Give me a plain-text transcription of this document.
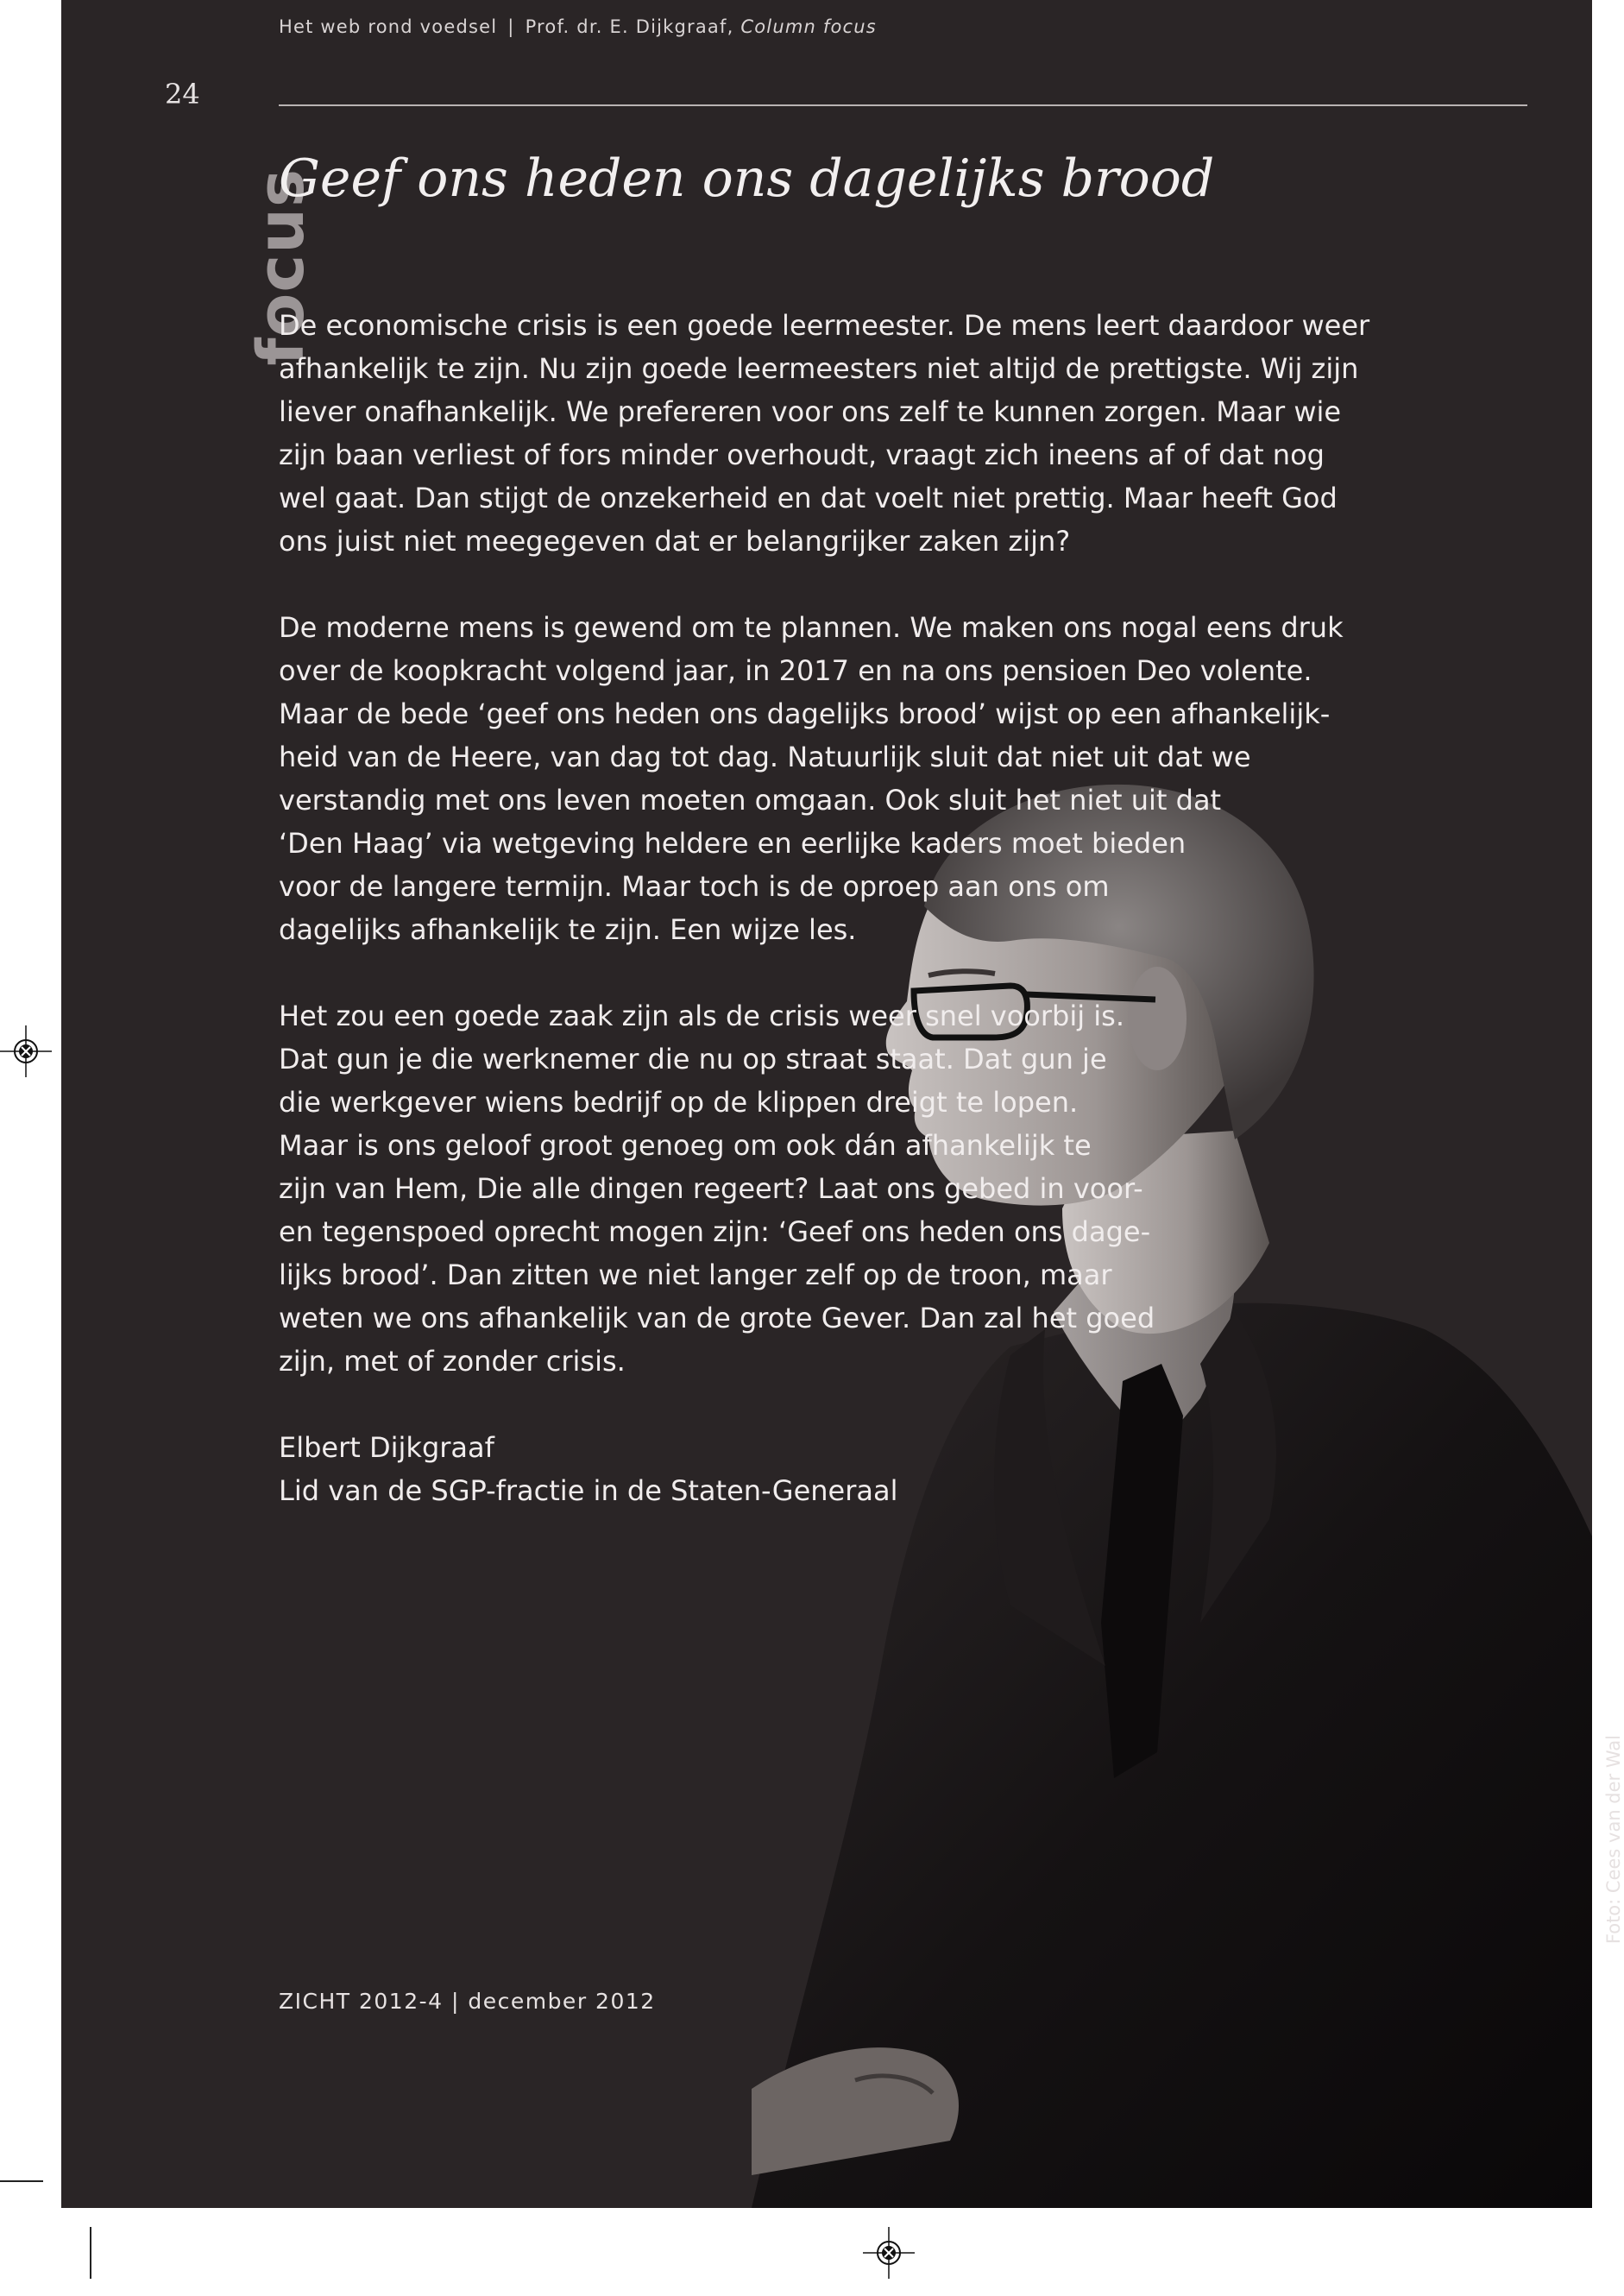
Het web rond voedsel | Prof. dr. E. Dijkgraaf, Column focus
24
focus
Geef ons heden ons dagelijks brood

De economische crisis is een goede leermeester. De mens leert daardoor weer
afhankelijk te zijn. Nu zijn goede leermeesters niet altijd de prettigste. Wij zijn
liever onafhankelijk. We prefereren voor ons zelf te kunnen zorgen. Maar wie
zijn baan verliest of fors minder overhoudt, vraagt zich ineens af of dat nog
wel gaat. Dan stijgt de onzekerheid en dat voelt niet prettig. Maar heeft God
ons juist niet meegegeven dat er belangrijker zaken zijn?

De moderne mens is gewend om te plannen. We maken ons nogal eens druk
over de koopkracht volgend jaar, in 2017 en na ons pensioen Deo volente.
Maar de bede ‘geef ons heden ons dagelijks brood’ wijst op een afhankelijk-
heid van de Heere, van dag tot dag. Natuurlijk sluit dat niet uit dat we
verstandig met ons leven moeten omgaan. Ook sluit het niet uit dat
‘Den Haag’ via wetgeving heldere en eerlijke kaders moet bieden
voor de langere termijn. Maar toch is de oproep aan ons om
dagelijks afhankelijk te zijn. Een wijze les.

Het zou een goede zaak zijn als de crisis weer snel voorbij is.
Dat gun je die werknemer die nu op straat staat. Dat gun je
die werkgever wiens bedrijf op de klippen dreigt te lopen.
Maar is ons geloof groot genoeg om ook dán afhankelijk te
zijn van Hem, Die alle dingen regeert? Laat ons gebed in voor-
en tegenspoed oprecht mogen zijn: ‘Geef ons heden ons dage-
lijks brood’. Dan zitten we niet langer zelf op de troon, maar
weten we ons afhankelijk van de grote Gever. Dan zal het goed
zijn, met of zonder crisis.

Elbert Dijkgraaf
Lid van de SGP-fractie in de Staten-Generaal

ZICHT 2012-4 | december 2012
Foto: Cees van der Wal
